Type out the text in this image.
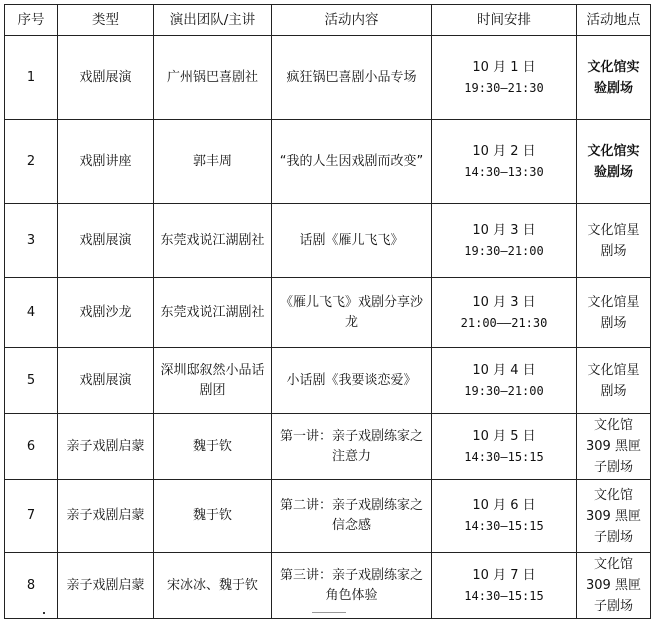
序号	类型	演出团队/主讲	活动内容	时间安排	活动地点
1	戏剧展演	广州锅巴喜剧社	疯狂锅巴喜剧小品专场	10 月 1 日
19:30–21:30	文化馆实
验剧场

2	戏剧讲座	郭丰周	“我的人生因戏剧而改变”	10 月 2 日
14:30–13:30	文化馆实
验剧场

3	戏剧展演	东莞戏说江湖剧社	话剧《雁儿飞飞》	10 月 3 日
19:30–21:00	文化馆星
剧场

4	戏剧沙龙	东莞戏说江湖剧社	《雁儿飞飞》戏剧分享沙龙	10 月 3 日
21:00——21:30	文化馆星
剧场

5	戏剧展演	深圳邸叙然小品话剧团	小话剧《我要谈恋爱》	10 月 4 日
19:30—21:00	文化馆星
剧场

6	亲子戏剧启蒙	魏于钦	第一讲：亲子戏剧练家之注意力	10 月 5 日
14:30–15:15	文化馆
309 黑匣
子剧场

7	亲子戏剧启蒙	魏于钦	第二讲：亲子戏剧练家之信念感	10 月 6 日
14:30–15:15	文化馆
309 黑匣
子剧场

8	亲子戏剧启蒙	宋冰冰、魏于钦	第三讲：亲子戏剧练家之角色体验	10 月 7 日
14:30–15:15	文化馆
309 黑匣
子剧场
